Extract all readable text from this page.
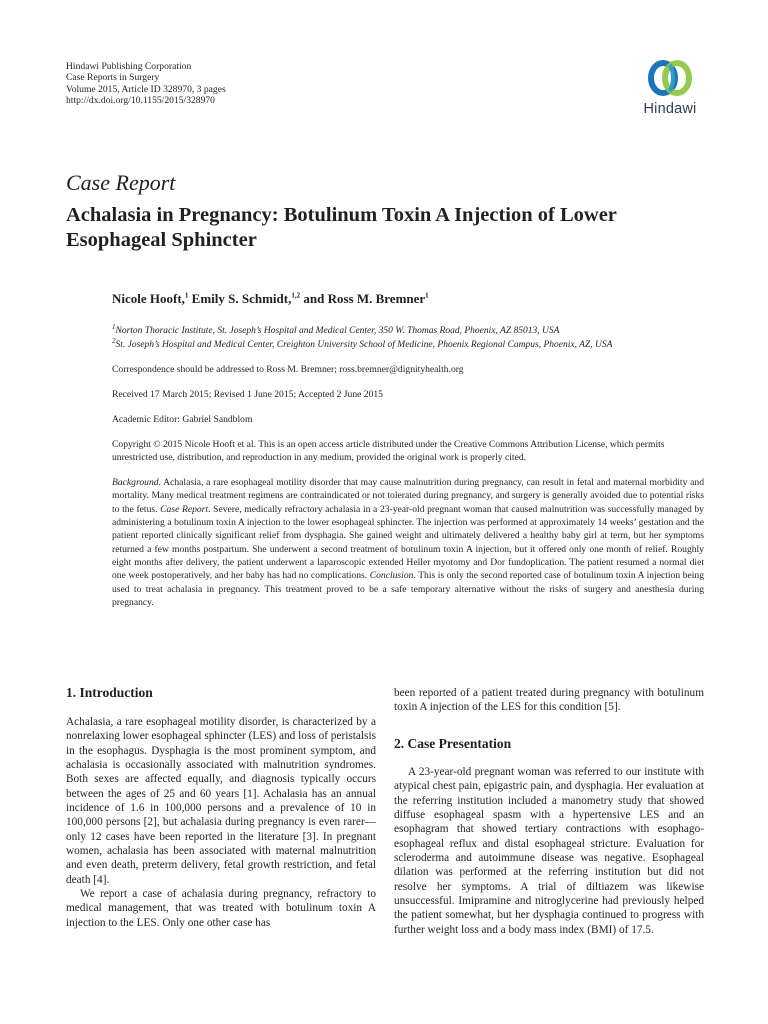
Hindawi Publishing Corporation
Case Reports in Surgery
Volume 2015, Article ID 328970, 3 pages
http://dx.doi.org/10.1155/2015/328970
Hindawi
Case Report
Achalasia in Pregnancy: Botulinum Toxin A Injection of Lower Esophageal Sphincter
Nicole Hooft,$^1$ Emily S. Schmidt,$^{1,2}$ and Ross M. Bremner$^1$
$^1$Norton Thoracic Institute, St. Joseph’s Hospital and Medical Center, 350 W. Thomas Road, Phoenix, AZ 85013, USA
$^2$St. Joseph’s Hospital and Medical Center, Creighton University School of Medicine, Phoenix Regional Campus, Phoenix, AZ, USA
Correspondence should be addressed to Ross M. Bremner; ross.bremner@dignityhealth.org
Received 17 March 2015; Revised 1 June 2015; Accepted 2 June 2015
Academic Editor: Gabriel Sandblom
Copyright © 2015 Nicole Hooft et al. This is an open access article distributed under the Creative Commons Attribution License, which permits unrestricted use, distribution, and reproduction in any medium, provided the original work is properly cited.
Background. Achalasia, a rare esophageal motility disorder that may cause malnutrition during pregnancy, can result in fetal and maternal morbidity and mortality. Many medical treatment regimens are contraindicated or not tolerated during pregnancy, and surgery is generally avoided due to potential risks to the fetus. Case Report. Severe, medically refractory achalasia in a 23-year-old pregnant woman that caused malnutrition was successfully managed by administering a botulinum toxin A injection to the lower esophageal sphincter. The injection was performed at approximately 14 weeks’ gestation and the patient reported clinically significant relief from dysphagia. She gained weight and ultimately delivered a healthy baby girl at term, but her symptoms returned a few months postpartum. She underwent a second treatment of botulinum toxin A injection, but it offered only one month of relief. Roughly eight months after delivery, the patient underwent a laparoscopic extended Heller myotomy and Dor fundoplication. The patient resumed a normal diet one week postoperatively, and her baby has had no complications. Conclusion. This is only the second reported case of botulinum toxin A injection being used to treat achalasia in pregnancy. This treatment proved to be a safe temporary alternative without the risks of surgery and anesthesia during pregnancy.
1. Introduction

Achalasia, a rare esophageal motility disorder, is characterized by a nonrelaxing lower esophageal sphincter (LES) and loss of peristalsis in the esophagus. Dysphagia is the most prominent symptom, and achalasia is occasionally associated with malnutrition syndromes. Both sexes are affected equally, and diagnosis typically occurs between the ages of 25 and 60 years [1]. Achalasia has an annual incidence of 1.6 in 100,000 persons and a prevalence of 10 in 100,000 persons [2], but achalasia during pregnancy is even rarer—only 12 cases have been reported in the literature [3]. In pregnant women, achalasia has been associated with maternal malnutrition and even death, preterm delivery, fetal growth restriction, and fetal death [4].

We report a case of achalasia during pregnancy, refractory to medical management, that was treated with botulinum toxin A injection to the LES. Only one other case has

been reported of a patient treated during pregnancy with botulinum toxin A injection of the LES for this condition [5].

2. Case Presentation

A 23-year-old pregnant woman was referred to our institute with atypical chest pain, epigastric pain, and dysphagia. Her evaluation at the referring institution included a manometry study that showed diffuse esophageal spasm with a hypertensive LES and an esophagram that showed tertiary contractions with esophago-esophageal reflux and distal esophageal stricture. Evaluation for scleroderma and autoimmune disease was negative. Esophageal dilation was performed at the referring institution but did not resolve her symptoms. A trial of diltiazem was likewise unsuccessful. Imipramine and nitroglycerine had previously helped the patient somewhat, but her dysphagia continued to progress with further weight loss and a body mass index (BMI) of 17.5.
